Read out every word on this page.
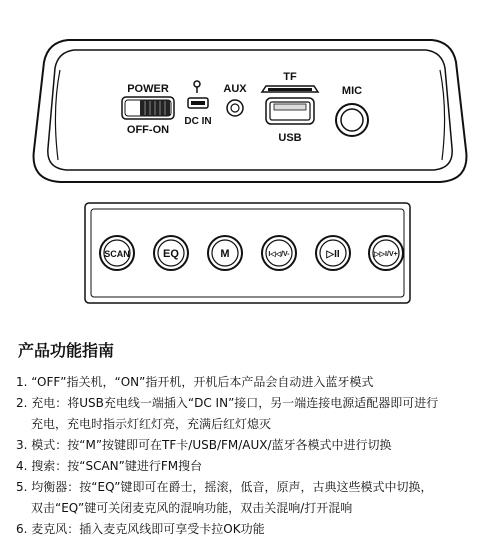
POWER
OFF-ON
DC IN
AUX
TF
USB
MIC
SCAN	EQ	M	I◁◁/V-	▷II	▷▷I/V+
产品功能指南
1. “OFF”指关机，“ON”指开机，开机后本产品会自动进入蓝牙模式
2. 充电：将USB充电线一端插入“DC IN”接口，另一端连接电源适配器即可进行
充电，充电时指示灯红灯亮，充满后红灯熄灭
3. 模式：按“M”按键即可在TF卡/USB/FM/AUX/蓝牙各模式中进行切换
4. 搜索：按“SCAN”键进行FM搜台
5. 均衡器：按“EQ”键即可在爵士，摇滚，低音，原声，古典这些模式中切换，
双击“EQ”键可关闭麦克风的混响功能，双击关混响/打开混响
6. 麦克风：插入麦克风线即可享受卡拉OK功能
